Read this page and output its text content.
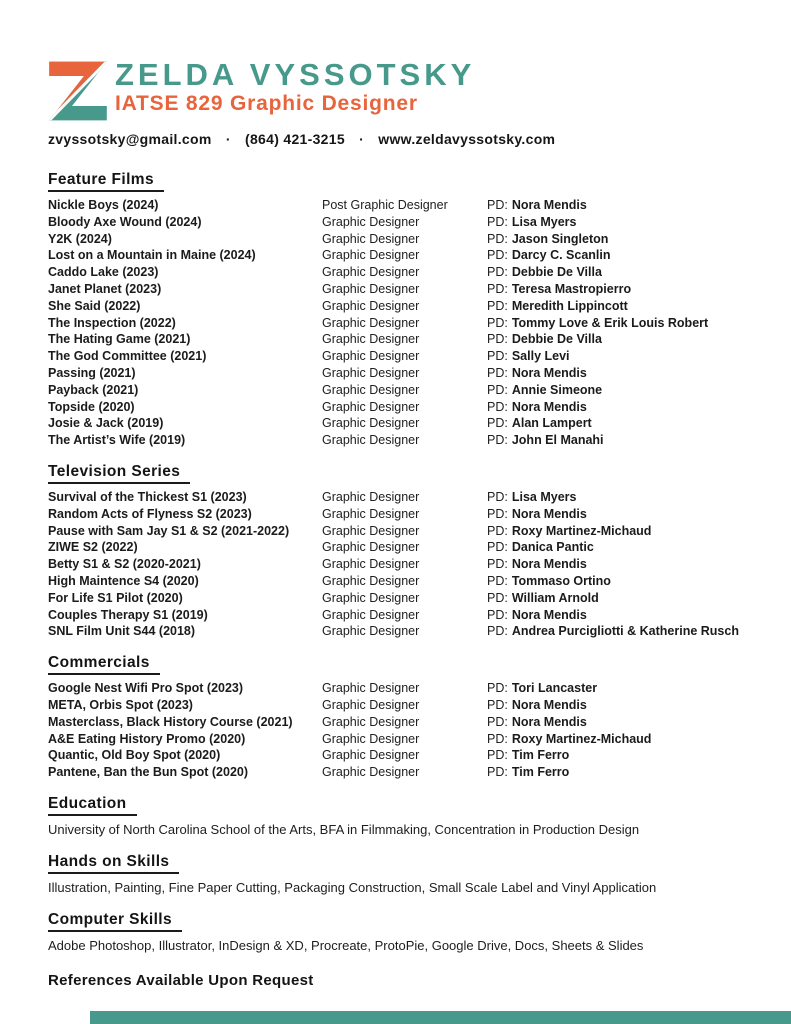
ZELDA VYSSOTSKY
IATSE 829 Graphic Designer
zvyssotsky@gmail.com · (864) 421-3215 · www.zeldavyssotsky.com
Feature Films
Nickle Boys (2024)	Post Graphic Designer	PD: Nora Mendis
Bloody Axe Wound (2024)	Graphic Designer	PD: Lisa Myers
Y2K (2024)	Graphic Designer	PD: Jason Singleton
Lost on a Mountain in Maine (2024)	Graphic Designer	PD: Darcy C. Scanlin
Caddo Lake (2023)	Graphic Designer	PD: Debbie De Villa
Janet Planet (2023)	Graphic Designer	PD: Teresa Mastropierro
She Said (2022)	Graphic Designer	PD: Meredith Lippincott
The Inspection (2022)	Graphic Designer	PD: Tommy Love & Erik Louis Robert
The Hating Game (2021)	Graphic Designer	PD: Debbie De Villa
The God Committee (2021)	Graphic Designer	PD: Sally Levi
Passing (2021)	Graphic Designer	PD: Nora Mendis
Payback (2021)	Graphic Designer	PD: Annie Simeone
Topside (2020)	Graphic Designer	PD: Nora Mendis
Josie & Jack (2019)	Graphic Designer	PD: Alan Lampert
The Artist’s Wife (2019)	Graphic Designer	PD: John El Manahi
Television Series
Survival of the Thickest S1 (2023)	Graphic Designer	PD: Lisa Myers
Random Acts of Flyness S2 (2023)	Graphic Designer	PD: Nora Mendis
Pause with Sam Jay S1 & S2 (2021-2022)	Graphic Designer	PD: Roxy Martinez-Michaud
ZIWE S2 (2022)	Graphic Designer	PD: Danica Pantic
Betty S1 & S2 (2020-2021)	Graphic Designer	PD: Nora Mendis
High Maintence S4 (2020)	Graphic Designer	PD: Tommaso Ortino
For Life S1 Pilot (2020)	Graphic Designer	PD: William Arnold
Couples Therapy S1 (2019)	Graphic Designer	PD: Nora Mendis
SNL Film Unit S44 (2018)	Graphic Designer	PD: Andrea Purcigliotti & Katherine Rusch
Commercials
Google Nest Wifi Pro Spot (2023)	Graphic Designer	PD: Tori Lancaster
META, Orbis Spot (2023)	Graphic Designer	PD: Nora Mendis
Masterclass, Black History Course (2021)	Graphic Designer	PD: Nora Mendis
A&E Eating History Promo (2020)	Graphic Designer	PD: Roxy Martinez-Michaud
Quantic, Old Boy Spot (2020)	Graphic Designer	PD: Tim Ferro
Pantene, Ban the Bun Spot (2020)	Graphic Designer	PD: Tim Ferro
Education

University of North Carolina School of the Arts, BFA in Filmmaking, Concentration in Production Design

Hands on Skills

Illustration, Painting, Fine Paper Cutting, Packaging Construction, Small Scale Label and Vinyl Application

Computer Skills

Adobe Photoshop, Illustrator, InDesign & XD, Procreate, ProtoPie, Google Drive, Docs, Sheets & Slides

References Available Upon Request
